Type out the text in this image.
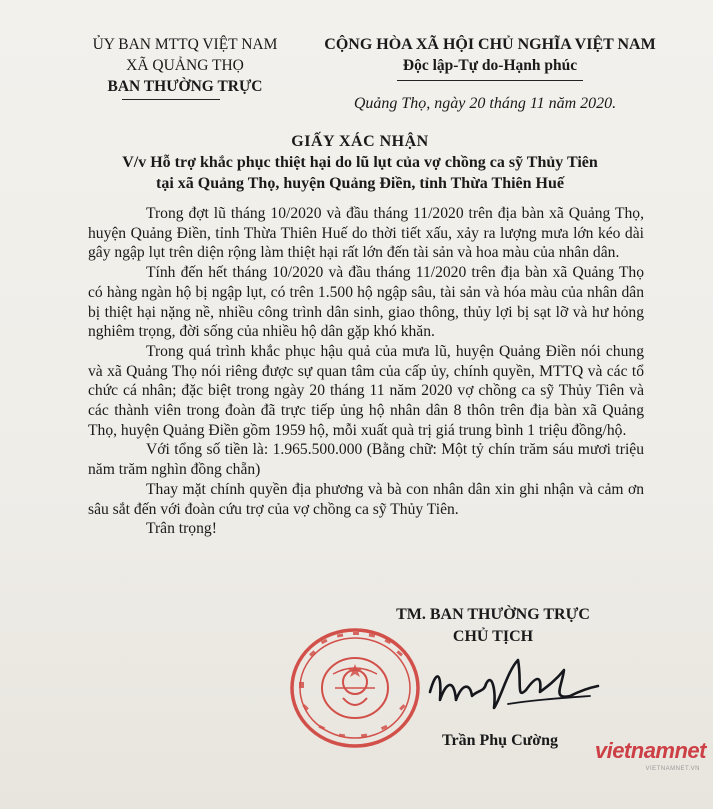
ỦY BAN MTTQ VIỆT NAM
XÃ QUẢNG THỌ
BAN THƯỜNG TRỰC
CỘNG HÒA XÃ HỘI CHỦ NGHĨA VIỆT NAM
Độc lập-Tự do-Hạnh phúc
Quảng Thọ, ngày 20 tháng 11 năm 2020.
GIẤY XÁC NHẬN
V/v Hỗ trợ khắc phục thiệt hại do lũ lụt của vợ chồng ca sỹ Thủy Tiên
tại xã Quảng Thọ, huyện Quảng Điền, tỉnh Thừa Thiên Huế

Trong đợt lũ tháng 10/2020 và đầu tháng 11/2020 trên địa bàn xã Quảng Thọ, huyện Quảng Điền, tỉnh Thừa Thiên Huế do thời tiết xấu, xảy ra lượng mưa lớn kéo dài gây ngập lụt trên diện rộng làm thiệt hại rất lớn đến tài sản và hoa màu của nhân dân.

Tính đến hết tháng 10/2020 và đầu tháng 11/2020 trên địa bàn xã Quảng Thọ có hàng ngàn hộ bị ngập lụt, có trên 1.500 hộ ngập sâu, tài sản và hóa màu của nhân dân bị thiệt hại nặng nề, nhiều công trình dân sinh, giao thông, thủy lợi bị sạt lỡ và hư hỏng nghiêm trọng, đời sống của nhiều hộ dân gặp khó khăn.

Trong quá trình khắc phục hậu quả của mưa lũ, huyện Quảng Điền nói chung và xã Quảng Thọ nói riêng được sự quan tâm của cấp ủy, chính quyền, MTTQ và các tổ chức cá nhân; đặc biệt trong ngày 20 tháng 11 năm 2020 vợ chồng ca sỹ Thủy Tiên và các thành viên trong đoàn đã trực tiếp ủng hộ nhân dân 8 thôn trên địa bàn xã Quảng Thọ, huyện Quảng Điền gồm 1959 hộ, mỗi xuất quà trị giá trung bình 1 triệu đồng/hộ.

Với tổng số tiền là: 1.965.500.000 (Bằng chữ: Một tỷ chín trăm sáu mươi triệu năm trăm nghìn đồng chẵn)

Thay mặt chính quyền địa phương và bà con nhân dân xin ghi nhận và cảm ơn sâu sắt đến với đoàn cứu trợ của vợ chồng ca sỹ Thủy Tiên.

Trân trọng!

TM. BAN THƯỜNG TRỰC
CHỦ TỊCH
Trần Phụ Cường	vietnamnet
VIETNAMNET.VN
